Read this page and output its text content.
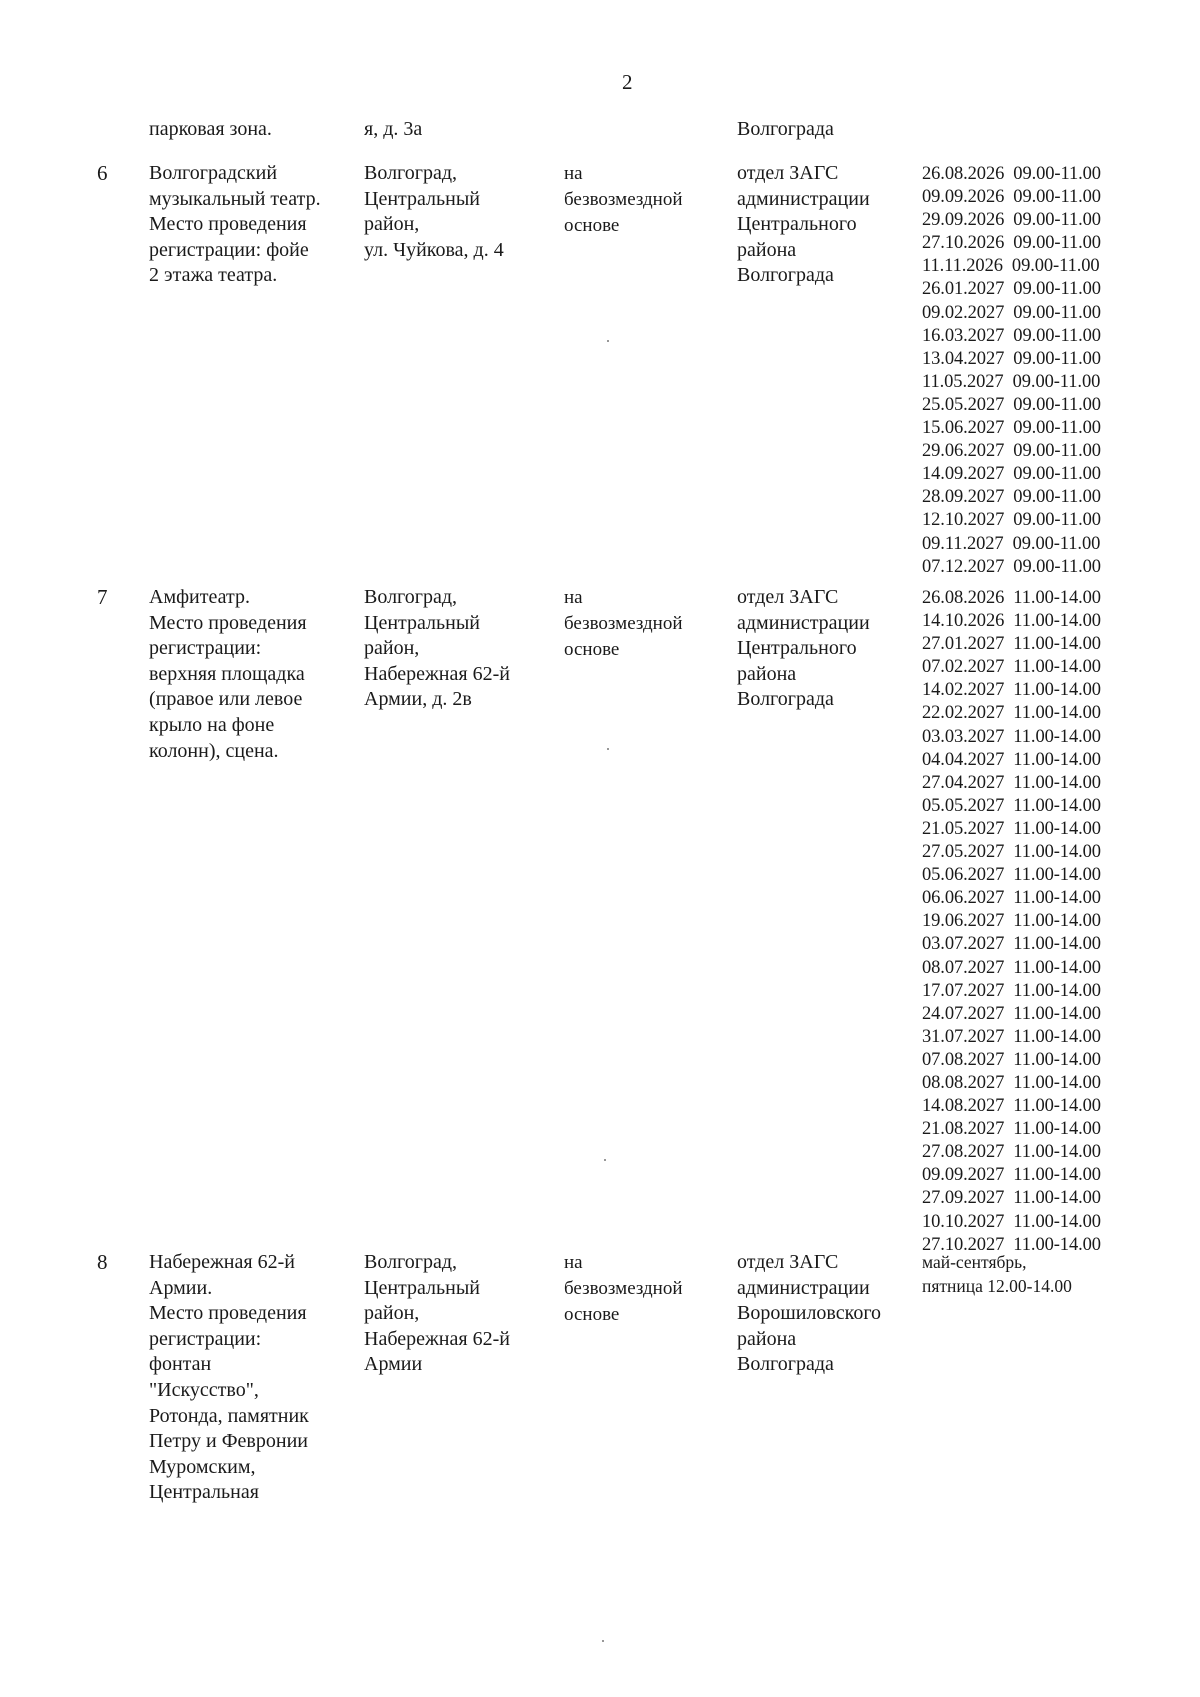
2
парковая зона.	я, д. 3а	Волгограда
6 Волгоградский
музыкальный театр.
Место проведения
регистрации: фойе
2 этажа театра.
Волгоград,
Центральный
район,
ул. Чуйкова, д. 4
на
безвозмездной
основе
отдел ЗАГС
администрации
Центрального
района
Волгограда
26.08.2026  09.00-11.00
09.09.2026  09.00-11.00
29.09.2026  09.00-11.00
27.10.2026  09.00-11.00
11.11.2026  09.00-11.00
26.01.2027  09.00-11.00
09.02.2027  09.00-11.00
16.03.2027  09.00-11.00
13.04.2027  09.00-11.00
11.05.2027  09.00-11.00
25.05.2027  09.00-11.00
15.06.2027  09.00-11.00
29.06.2027  09.00-11.00
14.09.2027  09.00-11.00
28.09.2027  09.00-11.00
12.10.2027  09.00-11.00
09.11.2027  09.00-11.00
07.12.2027  09.00-11.00
7 Амфитеатр.
Место проведения
регистрации:
верхняя площадка
(правое или левое
крыло на фоне
колонн), сцена.
Волгоград,
Центральный
район,
Набережная 62-й
Армии, д. 2в
на
безвозмездной
основе
отдел ЗАГС
администрации
Центрального
района
Волгограда
26.08.2026  11.00-14.00
14.10.2026  11.00-14.00
27.01.2027  11.00-14.00
07.02.2027  11.00-14.00
14.02.2027  11.00-14.00
22.02.2027  11.00-14.00
03.03.2027  11.00-14.00
04.04.2027  11.00-14.00
27.04.2027  11.00-14.00
05.05.2027  11.00-14.00
21.05.2027  11.00-14.00
27.05.2027  11.00-14.00
05.06.2027  11.00-14.00
06.06.2027  11.00-14.00
19.06.2027  11.00-14.00
03.07.2027  11.00-14.00
08.07.2027  11.00-14.00
17.07.2027  11.00-14.00
24.07.2027  11.00-14.00
31.07.2027  11.00-14.00
07.08.2027  11.00-14.00
08.08.2027  11.00-14.00
14.08.2027  11.00-14.00
21.08.2027  11.00-14.00
27.08.2027  11.00-14.00
09.09.2027  11.00-14.00
27.09.2027  11.00-14.00
10.10.2027  11.00-14.00
27.10.2027  11.00-14.00
8 Набережная 62-й
Армии.
Место проведения
регистрации:
фонтан
"Искусство",
Ротонда, памятник
Петру и Февронии
Муромским,
Центральная
Волгоград,
Центральный
район,
Набережная 62-й
Армии
на
безвозмездной
основе
отдел ЗАГС
администрации
Ворошиловского
района
Волгограда
май-сентябрь,
пятница 12.00-14.00
